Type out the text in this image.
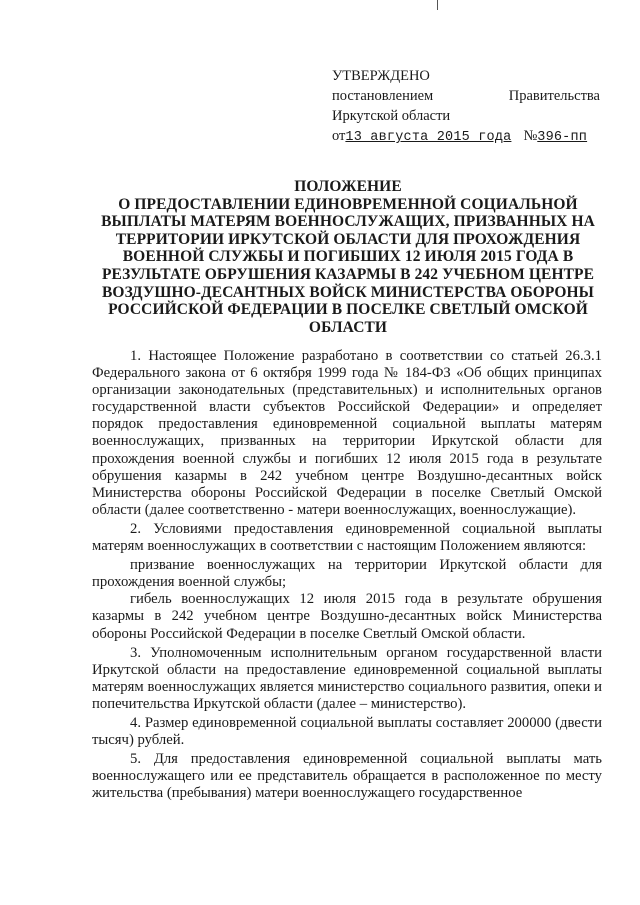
УТВЕРЖДЕНО
постановлением	Правительства
Иркутской области
от13 августа 2015 года №396-пп
ПОЛОЖЕНИЕ
О ПРЕДОСТАВЛЕНИИ ЕДИНОВРЕМЕННОЙ СОЦИАЛЬНОЙ
ВЫПЛАТЫ МАТЕРЯМ ВОЕННОСЛУЖАЩИХ, ПРИЗВАННЫХ НА
ТЕРРИТОРИИ ИРКУТСКОЙ ОБЛАСТИ ДЛЯ ПРОХОЖДЕНИЯ
ВОЕННОЙ СЛУЖБЫ И ПОГИБШИХ 12 ИЮЛЯ 2015 ГОДА В
РЕЗУЛЬТАТЕ ОБРУШЕНИЯ КАЗАРМЫ В 242 УЧЕБНОМ ЦЕНТРЕ
ВОЗДУШНО-ДЕСАНТНЫХ ВОЙСК МИНИСТЕРСТВА ОБОРОНЫ
РОССИЙСКОЙ ФЕДЕРАЦИИ В ПОСЕЛКЕ СВЕТЛЫЙ ОМСКОЙ
ОБЛАСТИ

1. Настоящее Положение разработано в соответствии со статьей 26.3.1 Федерального закона от 6 октября 1999 года № 184-ФЗ «Об общих принципах организации законодательных (представительных) и исполнительных органов государственной власти субъектов Российской Федерации» и определяет порядок предоставления единовременной социальной выплаты матерям военнослужащих, призванных на территории Иркутской области для прохождения военной службы и погибших 12 июля 2015 года в результате обрушения казармы в 242 учебном центре Воздушно-десантных войск Министерства обороны Российской Федерации в поселке Светлый Омской области (далее соответственно - матери военнослужащих, военнослужащие).

2. Условиями предоставления единовременной социальной выплаты матерям военнослужащих в соответствии с настоящим Положением являются:

призвание военнослужащих на территории Иркутской области для прохождения военной службы;

гибель военнослужащих 12 июля 2015 года в результате обрушения казармы в 242 учебном центре Воздушно-десантных войск Министерства обороны Российской Федерации в поселке Светлый Омской области.

3. Уполномоченным исполнительным органом государственной власти Иркутской области на предоставление единовременной социальной выплаты матерям военнослужащих является министерство социального развития, опеки и попечительства Иркутской области (далее – министерство).

4. Размер единовременной социальной выплаты составляет 200000 (двести тысяч) рублей.

5. Для предоставления единовременной социальной выплаты мать военнослужащего или ее представитель обращается в расположенное по месту жительства (пребывания) матери военнослужащего государственное
